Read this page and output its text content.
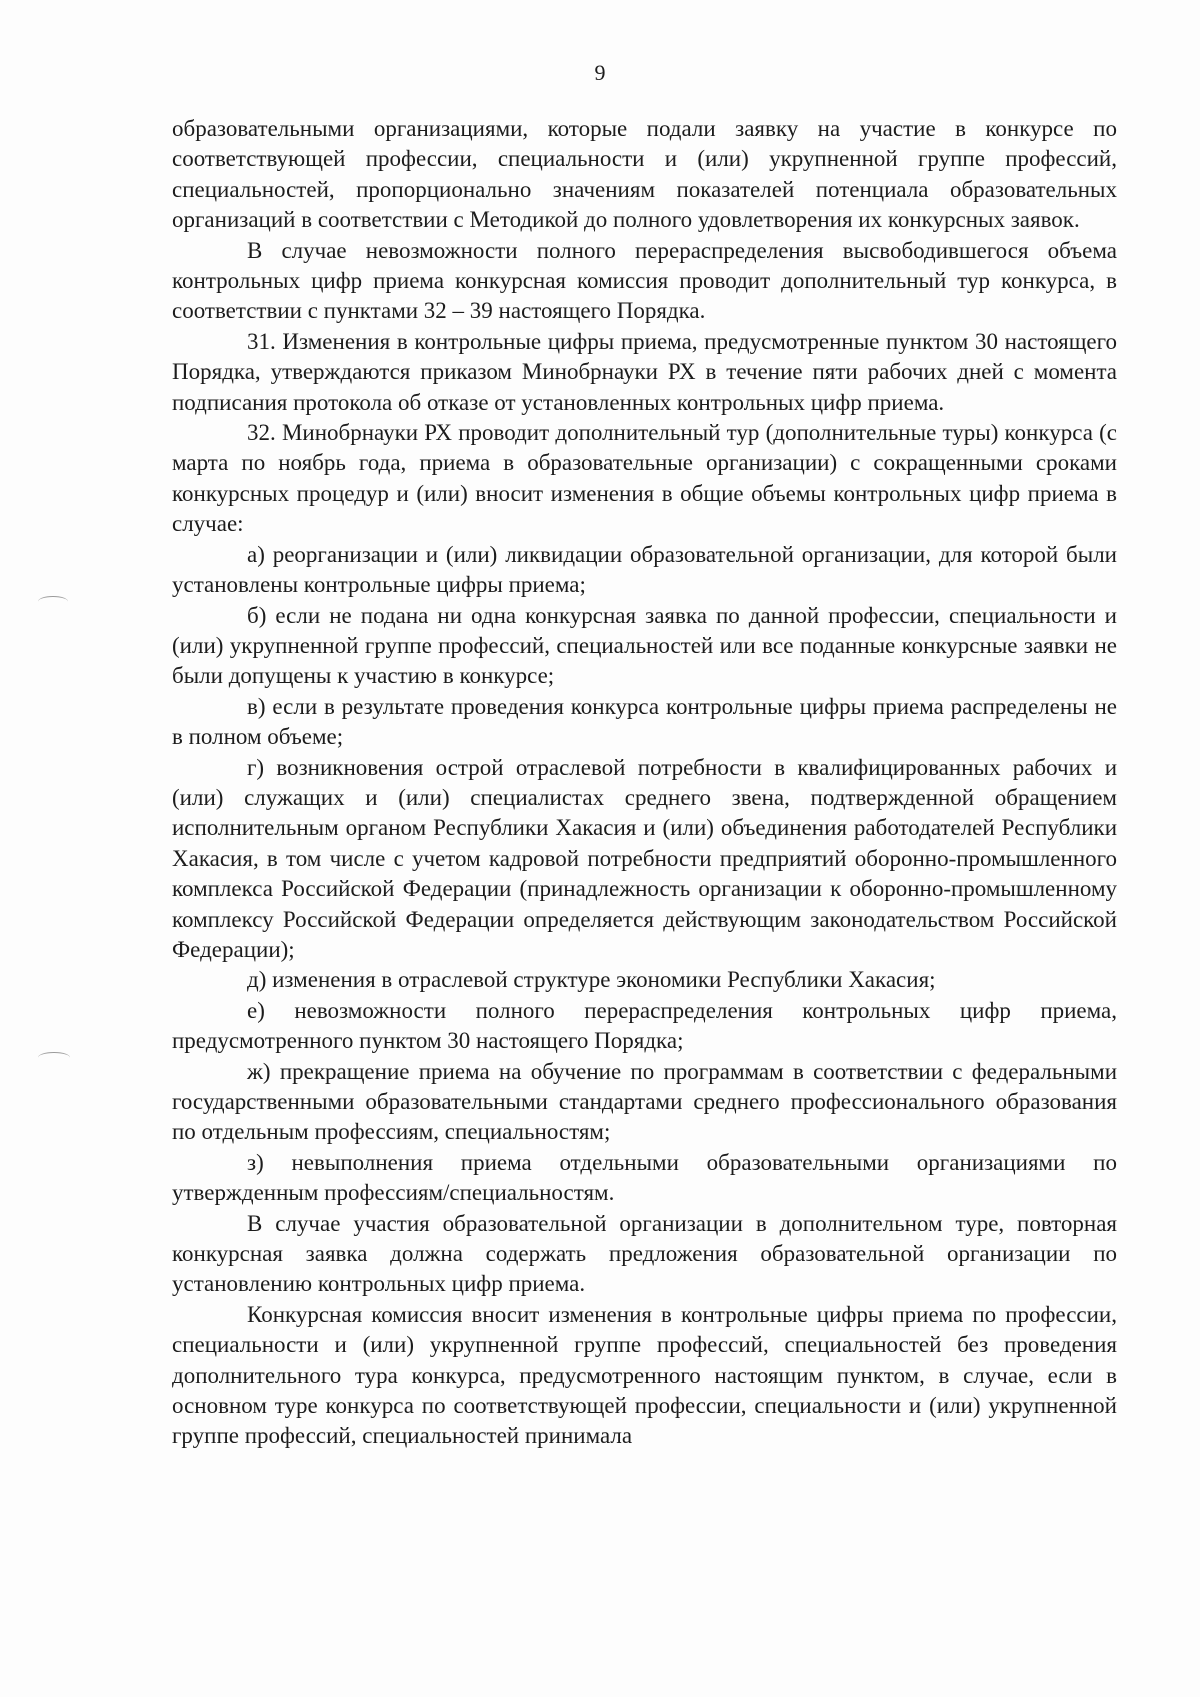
9

образовательными организациями, которые подали заявку на участие в конкурсе по соответствующей профессии, специальности и (или) укрупненной группе профессий, специальностей, пропорционально значениям показателей потенциала образовательных организаций в соответствии с Методикой до полного удовлетворения их конкурсных заявок.

В случае невозможности полного перераспределения высвободившегося объема контрольных цифр приема конкурсная комиссия проводит дополнительный тур конкурса, в соответствии с пунктами 32 – 39 настоящего Порядка.

31. Изменения в контрольные цифры приема, предусмотренные пунктом 30 настоящего Порядка, утверждаются приказом Минобрнауки РХ в течение пяти рабочих дней с момента подписания протокола об отказе от установленных контрольных цифр приема.

32. Минобрнауки РХ проводит дополнительный тур (дополнительные туры) конкурса (с марта по ноябрь года, приема в образовательные организации) с сокращенными сроками конкурсных процедур и (или) вносит изменения в общие объемы контрольных цифр приема в случае:

а) реорганизации и (или) ликвидации образовательной организации, для которой были установлены контрольные цифры приема;

б) если не подана ни одна конкурсная заявка по данной профессии, специальности и (или) укрупненной группе профессий, специальностей или все поданные конкурсные заявки не были допущены к участию в конкурсе;

в) если в результате проведения конкурса контрольные цифры приема распределены не в полном объеме;

г) возникновения острой отраслевой потребности в квалифицированных рабочих и (или) служащих и (или) специалистах среднего звена, подтвержденной обращением исполнительным органом Республики Хакасия и (или) объединения работодателей Республики Хакасия, в том числе с учетом кадровой потребности предприятий оборонно-промышленного комплекса Российской Федерации (принадлежность организации к оборонно-промышленному комплексу Российской Федерации определяется действующим законодательством Российской Федерации);

д) изменения в отраслевой структуре экономики Республики Хакасия;

е) невозможности полного перераспределения контрольных цифр приема, предусмотренного пунктом 30 настоящего Порядка;

ж) прекращение приема на обучение по программам в соответствии с федеральными государственными образовательными стандартами среднего профессионального образования по отдельным профессиям, специальностям;

з) невыполнения приема отдельными образовательными организациями по утвержденным профессиям/специальностям.

В случае участия образовательной организации в дополнительном туре, повторная конкурсная заявка должна содержать предложения образовательной организации по установлению контрольных цифр приема.

Конкурсная комиссия вносит изменения в контрольные цифры приема по профессии, специальности и (или) укрупненной группе профессий, специальностей без проведения дополнительного тура конкурса, предусмотренного настоящим пунктом, в случае, если в основном туре конкурса по соответствующей профессии, специальности и (или) укрупненной группе профессий, специальностей принимала
